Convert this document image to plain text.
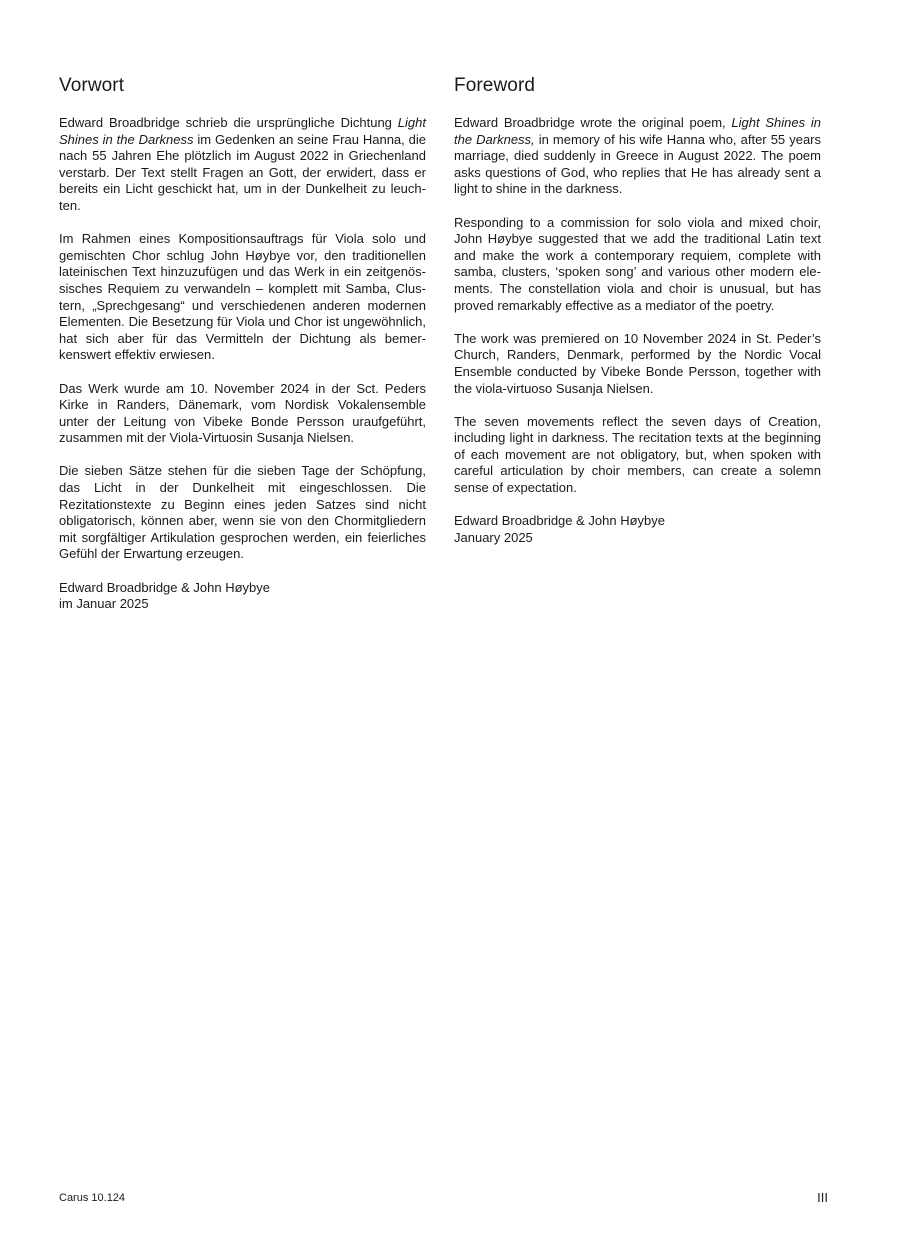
Vorwort

Edward Broadbridge schrieb die ursprüngliche Dichtung Light Shines in the Darkness im Gedenken an seine Frau Hanna, die nach 55 Jahren Ehe plötzlich im August 2022 in Griechenland verstarb. Der Text stellt Fragen an Gott, der erwidert, dass er bereits ein Licht geschickt hat, um in der Dunkelheit zu leuchten.

Im Rahmen eines Kompositionsauftrags für Viola solo und gemischten Chor schlug John Høybye vor, den traditionellen lateinischen Text hinzuzufügen und das Werk in ein zeitgenössisches Requiem zu verwandeln – komplett mit Samba, Clustern, „Sprechgesang“ und verschiedenen anderen modernen Elementen. Die Besetzung für Viola und Chor ist ungewöhnlich, hat sich aber für das Vermitteln der Dichtung als bemerkenswert effektiv erwiesen.

Das Werk wurde am 10. November 2024 in der Sct. Peders Kirke in Randers, Dänemark, vom Nordisk Vokalensemble unter der Leitung von Vibeke Bonde Persson uraufgeführt, zusammen mit der Viola-Virtuosin Susanja Nielsen.

Die sieben Sätze stehen für die sieben Tage der Schöpfung, das Licht in der Dunkelheit mit eingeschlossen. Die Rezitationstexte zu Beginn eines jeden Satzes sind nicht obligatorisch, können aber, wenn sie von den Chormitgliedern mit sorgfältiger Artikulation gesprochen werden, ein feierliches Gefühl der Erwartung erzeugen.

Edward Broadbridge & John Høybye

im Januar 2025

Foreword

Edward Broadbridge wrote the original poem, Light Shines in the Darkness, in memory of his wife Hanna who, after 55 years marriage, died suddenly in Greece in August 2022. The poem asks questions of God, who replies that He has already sent a light to shine in the darkness.

Responding to a commission for solo viola and mixed choir, John Høybye suggested that we add the traditional Latin text and make the work a contemporary requiem, complete with samba, clusters, ‘spoken song’ and various other modern elements. The constellation viola and choir is unusual, but has proved remarkably effective as a mediator of the poetry.

The work was premiered on 10 November 2024 in St. Peder’s Church, Randers, Denmark, performed by the Nordic Vocal Ensemble conducted by Vibeke Bonde Persson, together with the viola-virtuoso Susanja Nielsen.

The seven movements reflect the seven days of Creation, including light in darkness. The recitation texts at the beginning of each movement are not obligatory, but, when spoken with careful articulation by choir members, can create a solemn sense of expectation.

Edward Broadbridge & John Høybye

January 2025

Carus 10.124	III
